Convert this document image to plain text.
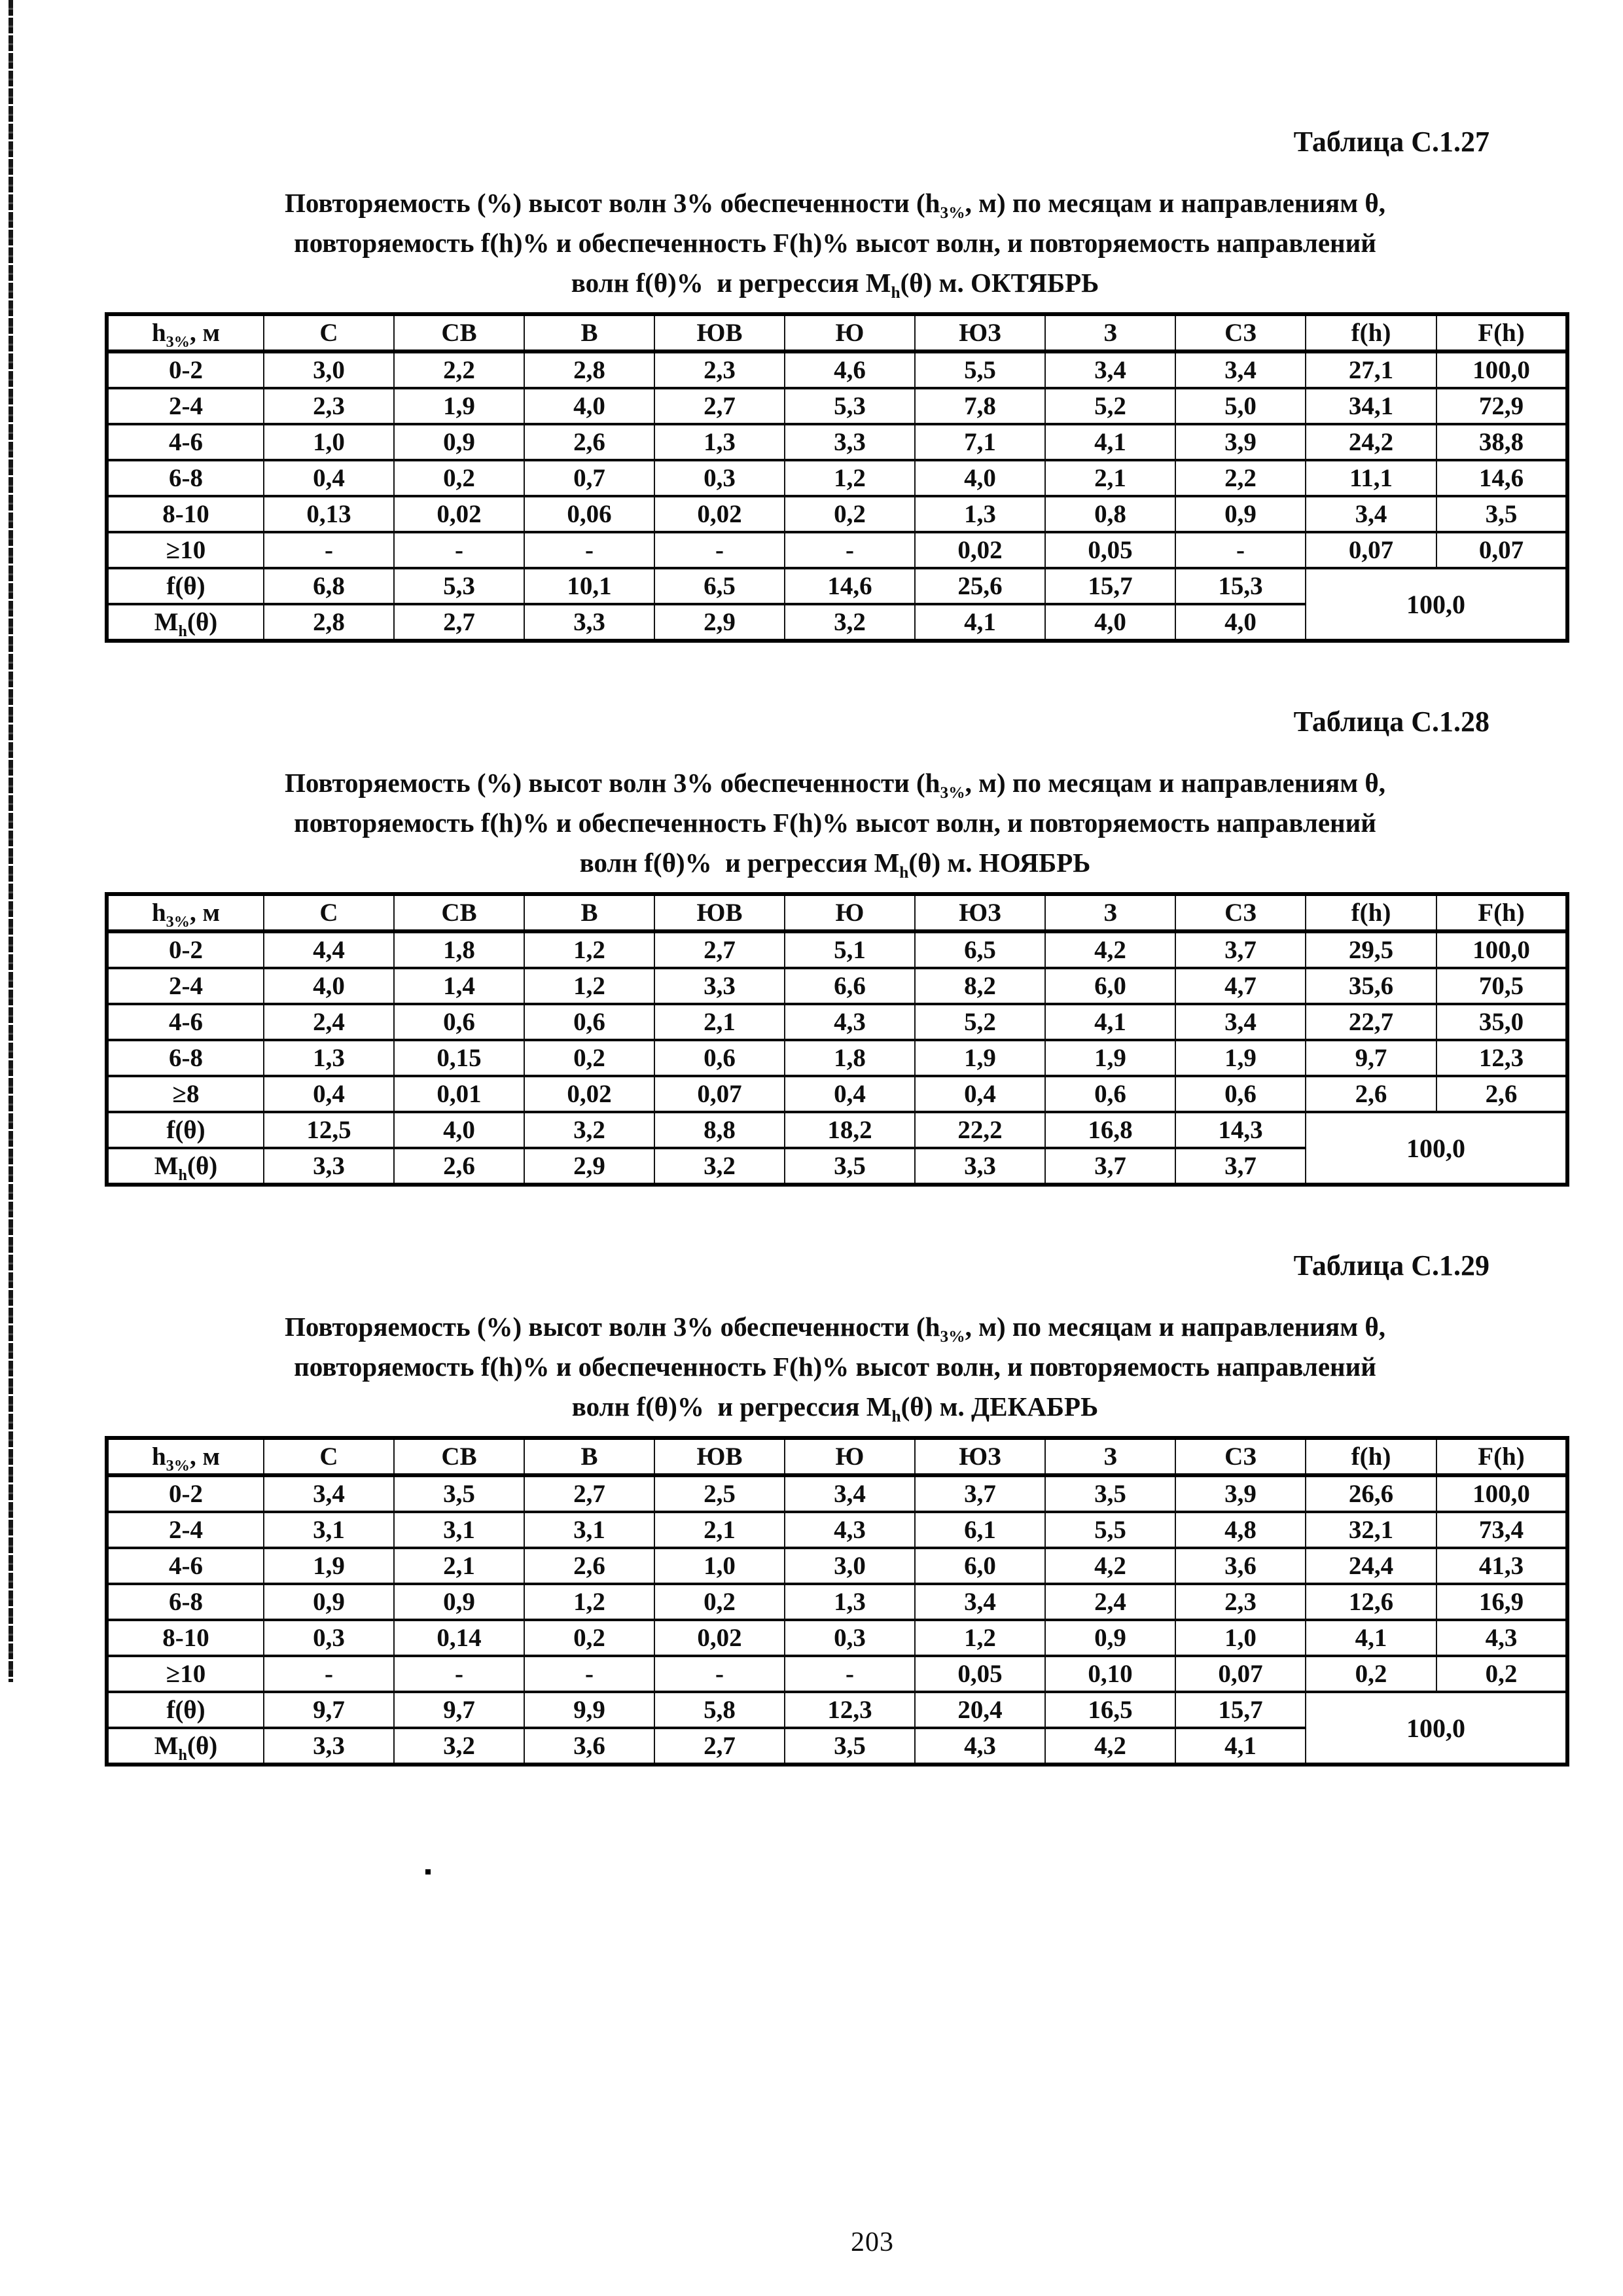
Таблица С.1.27
Повторяемость (%) высот волн 3% обеспеченности ($h_{3\%}$, м) по месяцам и направлениям θ,
повторяемость f(h)% и обеспеченность F(h)% высот волн, и повторяемость направлений
волн f(θ)%  и регрессия $M_h(\theta)$ м. ОКТЯБРЬ
$h_{3\%}$, м	С	СВ	В	ЮВ	Ю	ЮЗ	З	СЗ	f(h)	F(h)
0-2	3,0	2,2	2,8	2,3	4,6	5,5	3,4	3,4	27,1	100,0
2-4	2,3	1,9	4,0	2,7	5,3	7,8	5,2	5,0	34,1	72,9
4-6	1,0	0,9	2,6	1,3	3,3	7,1	4,1	3,9	24,2	38,8
6-8	0,4	0,2	0,7	0,3	1,2	4,0	2,1	2,2	11,1	14,6
8-10	0,13	0,02	0,06	0,02	0,2	1,3	0,8	0,9	3,4	3,5
≥10	-	-	-	-	-	0,02	0,05	-	0,07	0,07
f(θ)	6,8	5,3	10,1	6,5	14,6	25,6	15,7	15,3	100,0	
$M_h(\theta)$	2,8	2,7	3,3	2,9	3,2	4,1	4,0	4,0		
Таблица С.1.28
Повторяемость (%) высот волн 3% обеспеченности ($h_{3\%}$, м) по месяцам и направлениям θ,
повторяемость f(h)% и обеспеченность F(h)% высот волн, и повторяемость направлений
волн f(θ)%  и регрессия $M_h(\theta)$ м. НОЯБРЬ
$h_{3\%}$, м	С	СВ	В	ЮВ	Ю	ЮЗ	З	СЗ	f(h)	F(h)
0-2	4,4	1,8	1,2	2,7	5,1	6,5	4,2	3,7	29,5	100,0
2-4	4,0	1,4	1,2	3,3	6,6	8,2	6,0	4,7	35,6	70,5
4-6	2,4	0,6	0,6	2,1	4,3	5,2	4,1	3,4	22,7	35,0
6-8	1,3	0,15	0,2	0,6	1,8	1,9	1,9	1,9	9,7	12,3
≥8	0,4	0,01	0,02	0,07	0,4	0,4	0,6	0,6	2,6	2,6
f(θ)	12,5	4,0	3,2	8,8	18,2	22,2	16,8	14,3	100,0	
$M_h(\theta)$	3,3	2,6	2,9	3,2	3,5	3,3	3,7	3,7		
Таблица С.1.29
Повторяемость (%) высот волн 3% обеспеченности ($h_{3\%}$, м) по месяцам и направлениям θ,
повторяемость f(h)% и обеспеченность F(h)% высот волн, и повторяемость направлений
волн f(θ)%  и регрессия $M_h(\theta)$ м. ДЕКАБРЬ
$h_{3\%}$, м	С	СВ	В	ЮВ	Ю	ЮЗ	З	СЗ	f(h)	F(h)
0-2	3,4	3,5	2,7	2,5	3,4	3,7	3,5	3,9	26,6	100,0
2-4	3,1	3,1	3,1	2,1	4,3	6,1	5,5	4,8	32,1	73,4
4-6	1,9	2,1	2,6	1,0	3,0	6,0	4,2	3,6	24,4	41,3
6-8	0,9	0,9	1,2	0,2	1,3	3,4	2,4	2,3	12,6	16,9
8-10	0,3	0,14	0,2	0,02	0,3	1,2	0,9	1,0	4,1	4,3
≥10	-	-	-	-	-	0,05	0,10	0,07	0,2	0,2
f(θ)	9,7	9,7	9,9	5,8	12,3	20,4	16,5	15,7	100,0	
$M_h(\theta)$	3,3	3,2	3,6	2,7	3,5	4,3	4,2	4,1		
203
